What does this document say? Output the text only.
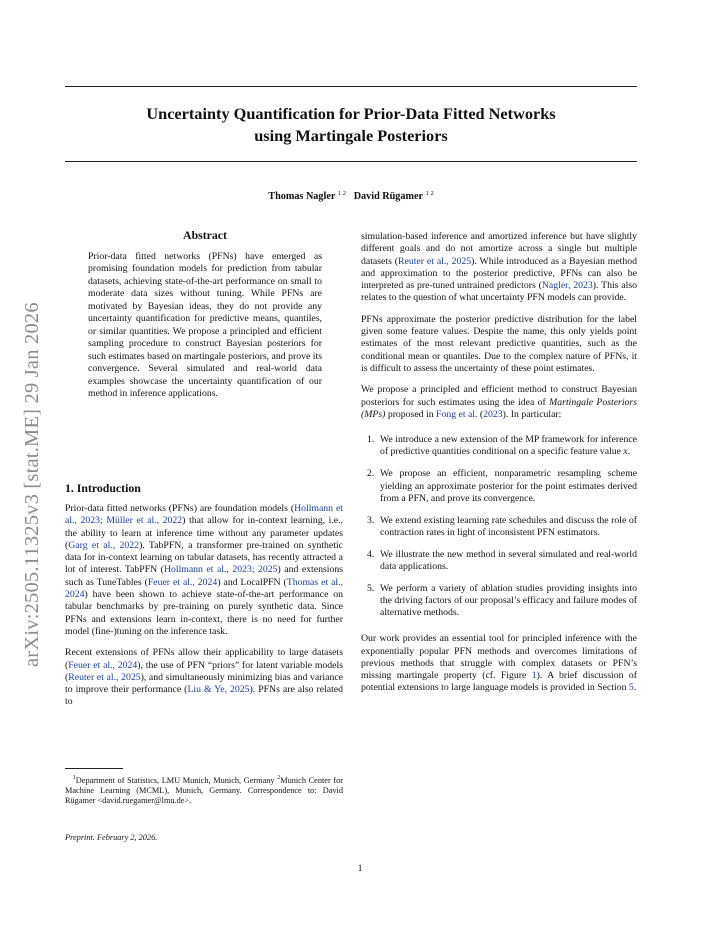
Uncertainty Quantification for Prior-Data Fitted Networks
using Martingale Posteriors
Thomas Nagler $^{1 2}$ David Rügamer $^{1 2}$
arXiv:2505.11325v3 [stat.ME] 29 Jan 2026
Abstract

Prior-data fitted networks (PFNs) have emerged as promising foundation models for prediction from tabular datasets, achieving state-of-the-art performance on small to moderate data sizes without tuning. While PFNs are motivated by Bayesian ideas, they do not provide any uncertainty quantification for predictive means, quantiles, or similar quantities. We propose a principled and efficient sampling procedure to construct Bayesian posteriors for such estimates based on martingale posteriors, and prove its convergence. Several simulated and real-world data examples showcase the uncertainty quantification of our method in inference applications.

1. Introduction

Prior-data fitted networks (PFNs) are foundation models (Hollmann et al., 2023; Müller et al., 2022) that allow for in-context learning, i.e., the ability to learn at inference time without any parameter updates (Garg et al., 2022). TabPFN, a transformer pre-trained on synthetic data for in-context learning on tabular datasets, has recently attracted a lot of interest. TabPFN (Hollmann et al., 2023; 2025) and extensions such as TuneTables (Feuer et al., 2024) and LocalPFN (Thomas et al., 2024) have been shown to achieve state-of-the-art performance on tabular benchmarks by pre-training on purely synthetic data. Since PFNs and extensions learn in-context, there is no need for further model (fine-)tuning on the inference task.

Recent extensions of PFNs allow their applicability to large datasets (Feuer et al., 2024), the use of PFN “priors” for latent variable models (Reuter et al., 2025), and simultaneously minimizing bias and variance to improve their performance (Liu & Ye, 2025). PFNs are also related to

$^1$Department of Statistics, LMU Munich, Munich, Germany $^2$Munich Center for Machine Learning (MCML), Munich, Germany. Correspondence to: David Rügamer <david.ruegamer@lmu.de>.
Preprint. February 2, 2026.

simulation-based inference and amortized inference but have slightly different goals and do not amortize across a single but multiple datasets (Reuter et al., 2025). While introduced as a Bayesian method and approximation to the posterior predictive, PFNs can also be interpreted as pre-tuned untrained predictors (Nagler, 2023). This also relates to the question of what uncertainty PFN models can provide.

PFNs approximate the posterior predictive distribution for the label given some feature values. Despite the name, this only yields point estimates of the most relevant predictive quantities, such as the conditional mean or quantiles. Due to the complex nature of PFNs, it is difficult to assess the uncertainty of these point estimates.

We propose a principled and efficient method to construct Bayesian posteriors for such estimates using the idea of Martingale Posteriors (MPs) proposed in Fong et al. (2023). In particular:

1. We introduce a new extension of the MP framework for inference of predictive quantities conditional on a specific feature value x.
2. We propose an efficient, nonparametric resampling scheme yielding an approximate posterior for the point estimates derived from a PFN, and prove its convergence.
3. We extend existing learning rate schedules and discuss the role of contraction rates in light of inconsistent PFN estimators.
4. We illustrate the new method in several simulated and real-world data applications.
5. We perform a variety of ablation studies providing insights into the driving factors of our proposal’s efficacy and failure modes of alternative methods.

Our work provides an essential tool for principled inference with the exponentially popular PFN methods and overcomes limitations of previous methods that struggle with complex datasets or PFN’s missing martingale property (cf. Figure 1). A brief discussion of potential extensions to large language models is provided in Section 5.

1
